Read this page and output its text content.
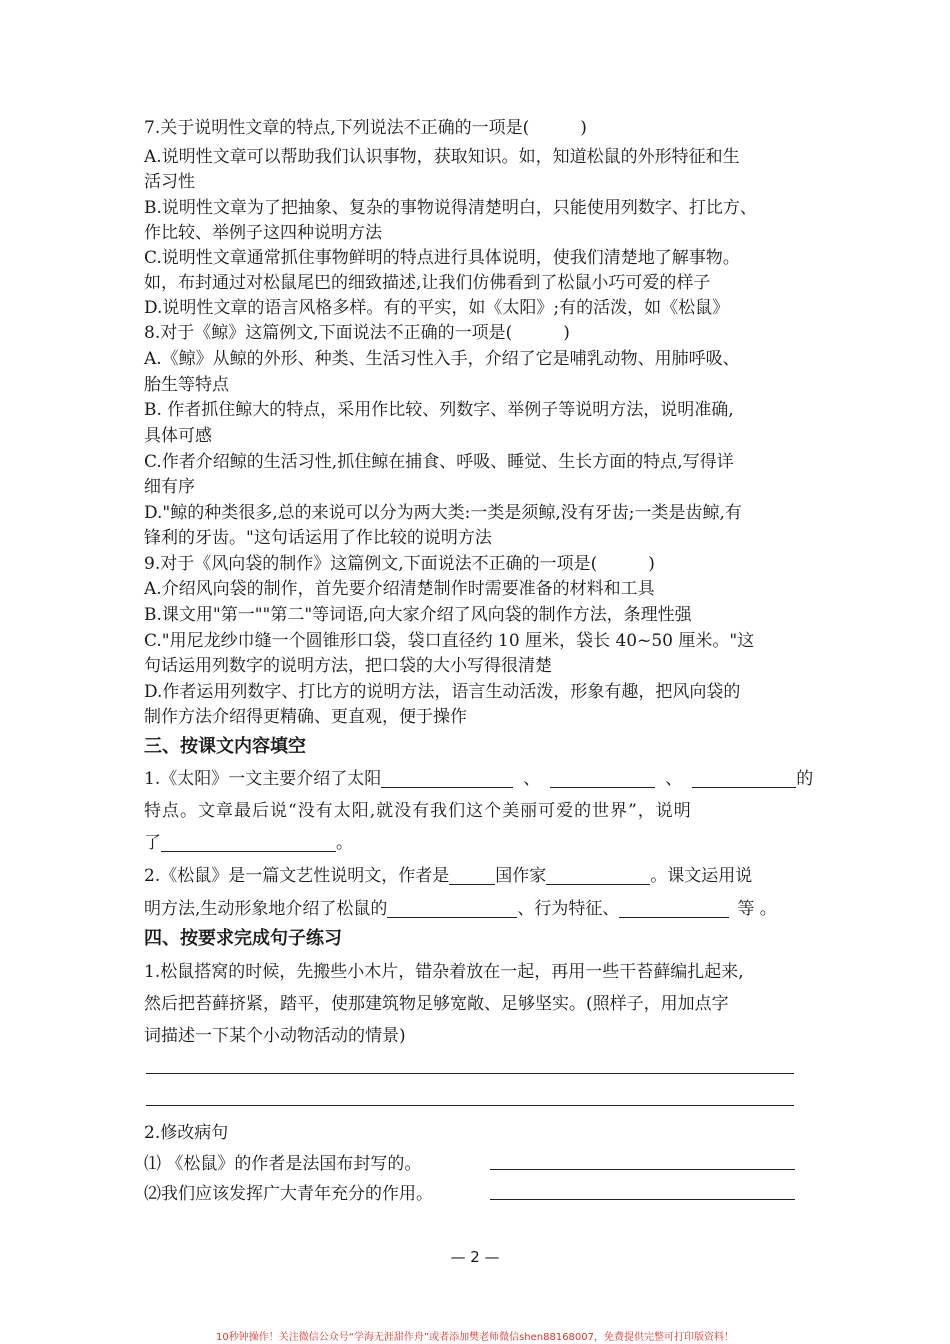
7.关于说明性文章的特点,下列说法不正确的一项是(　　　)
A.说明性文章可以帮助我们认识事物，获取知识。如，知道松鼠的外形特征和生
活习性
B.说明性文章为了把抽象、复杂的事物说得清楚明白，只能使用列数字、打比方、
作比较、举例子这四种说明方法
C.说明性文章通常抓住事物鲜明的特点进行具体说明，使我们清楚地了解事物。
如，布封通过对松鼠尾巴的细致描述,让我们仿佛看到了松鼠小巧可爱的样子
D.说明性文章的语言风格多样。有的平实，如《太阳》;有的活泼，如《松鼠》
8.对于《鲸》这篇例文,下面说法不正确的一项是(　　　)
A.《鲸》从鲸的外形、种类、生活习性入手，介绍了它是哺乳动物、用肺呼吸、
胎生等特点
B. 作者抓住鲸大的特点，采用作比较、列数字、举例子等说明方法，说明准确,
具体可感
C.作者介绍鲸的生活习性,抓住鲸在捕食、呼吸、睡觉、生长方面的特点,写得详
细有序
D."鲸的种类很多,总的来说可以分为两大类:一类是须鲸,没有牙齿;一类是齿鲸,有
锋利的牙齿。"这句话运用了作比较的说明方法
9.对于《风向袋的制作》这篇例文,下面说法不正确的一项是(　　　)
A.介绍风向袋的制作，首先要介绍清楚制作时需要准备的材料和工具
B.课文用"第一""第二"等词语,向大家介绍了风向袋的制作方法，条理性强
C."用尼龙纱巾缝一个圆锥形口袋，袋口直径约 10 厘米，袋长 40~50 厘米。"这
句话运用列数字的说明方法，把口袋的大小写得很清楚
D.作者运用列数字、打比方的说明方法，语言生动活泼，形象有趣，把风向袋的
制作方法介绍得更精确、更直观，便于操作
三、按课文内容填空
1.《太阳》一文主要介绍了太阳	、	、	的
特点。文章最后说“没有太阳,就没有我们这个美丽可爱的世界”，说明
了	。
2.《松鼠》是一篇文艺性说明文，作者是	国作家	。课文运用说
明方法,生动形象地介绍了松鼠的	、行为特征、	等 。
四、按要求完成句子练习
1.松鼠搭窝的时候，先搬些小木片，错杂着放在一起，再用一些干苔藓编扎起来,
然后把苔藓挤紧，踏平，使那建筑物足够宽敞、足够坚实。(照样子，用加点字
词描述一下某个小动物活动的情景)
2.修改病句
⑴ 《松鼠》的作者是法国布封写的。
⑵我们应该发挥广大青年充分的作用。
— 2 —
10秒钟操作！关注微信公众号“学海无涯甜作舟”或者添加樊老师微信shen88168007，免费提供完整可打印版资料！
